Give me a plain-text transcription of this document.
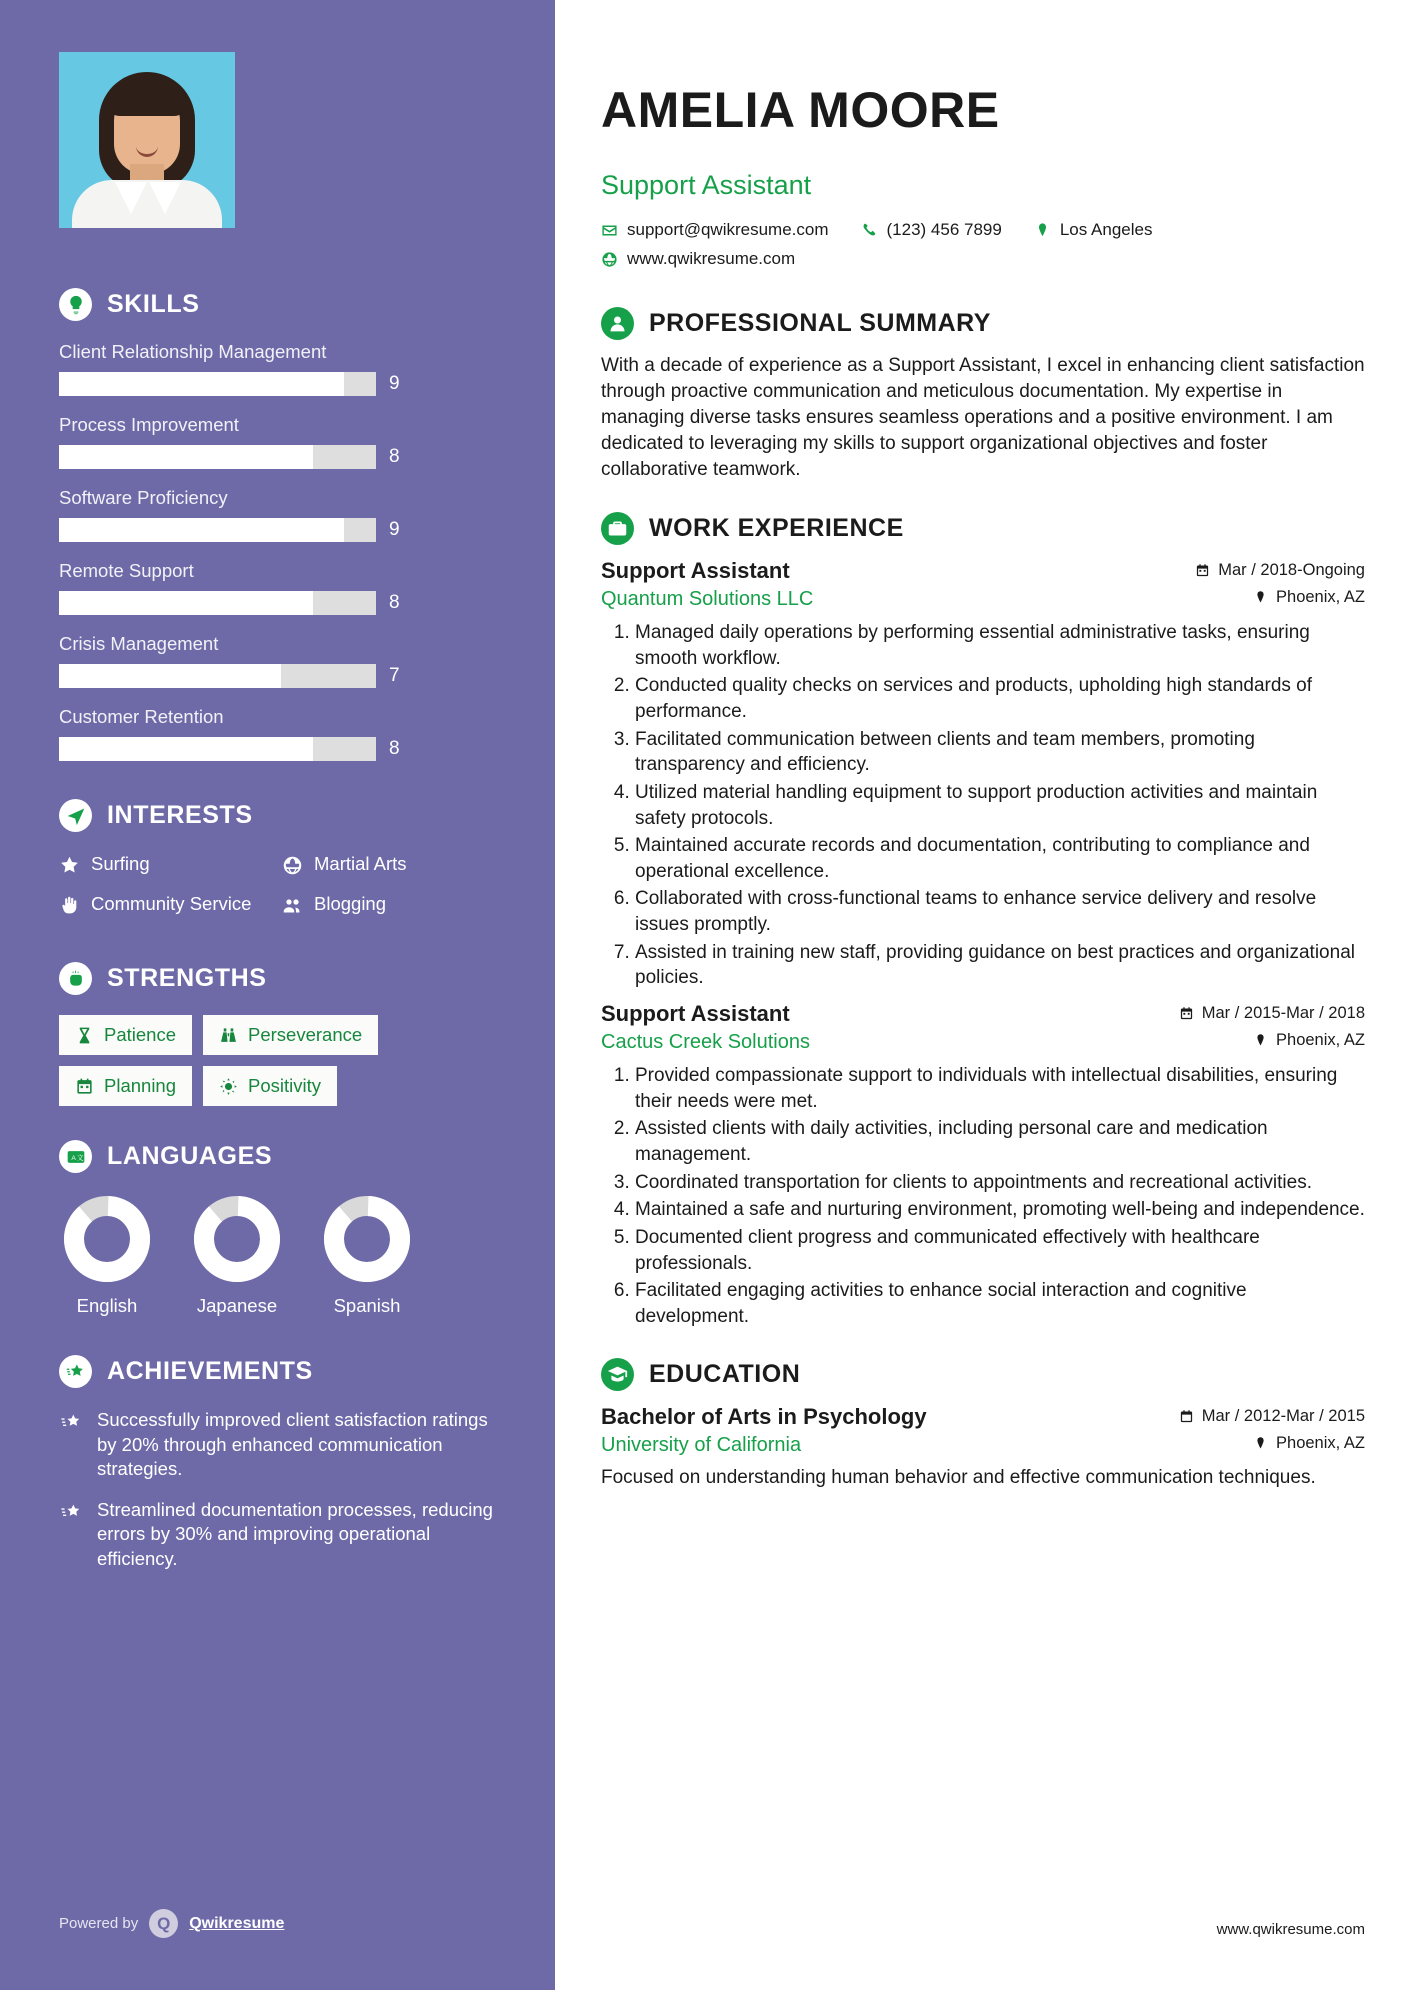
SKILLS
Client Relationship Management
9
Process Improvement
8
Software Proficiency
9
Remote Support
8
Crisis Management
7
Customer Retention
8
INTERESTS
Surfing	Martial Arts
Community Service	Blogging
STRENGTHS
Patience	Perseverance
Planning	Positivity
A 文 LANGUAGES
English	Japanese	Spanish
ACHIEVEMENTS

Successfully improved client satisfaction ratings by 20% through enhanced communication strategies.

Streamlined documentation processes, reducing errors by 30% and improving operational efficiency.

Powered by	Q	Qwikresume
AMELIA MOORE
Support Assistant
support@qwikresume.com	(123) 456 7899	Los Angeles
www.qwikresume.com
PROFESSIONAL SUMMARY

With a decade of experience as a Support Assistant, I excel in enhancing client satisfaction through proactive communication and meticulous documentation. My expertise in managing diverse tasks ensures seamless operations and a positive environment. I am dedicated to leveraging my skills to support organizational objectives and foster collaborative teamwork.

WORK EXPERIENCE
Support Assistant	Mar / 2018-Ongoing
Quantum Solutions LLC	Phoenix, AZ
1. Managed daily operations by performing essential administrative tasks, ensuring smooth workflow.
2. Conducted quality checks on services and products, upholding high standards of performance.
3. Facilitated communication between clients and team members, promoting transparency and efficiency.
4. Utilized material handling equipment to support production activities and maintain safety protocols.
5. Maintained accurate records and documentation, contributing to compliance and operational excellence.
6. Collaborated with cross-functional teams to enhance service delivery and resolve issues promptly.
7. Assisted in training new staff, providing guidance on best practices and organizational policies.
Support Assistant	Mar / 2015-Mar / 2018
Cactus Creek Solutions	Phoenix, AZ
1. Provided compassionate support to individuals with intellectual disabilities, ensuring their needs were met.
2. Assisted clients with daily activities, including personal care and medication management.
3. Coordinated transportation for clients to appointments and recreational activities.
4. Maintained a safe and nurturing environment, promoting well-being and independence.
5. Documented client progress and communicated effectively with healthcare professionals.
6. Facilitated engaging activities to enhance social interaction and cognitive development.
EDUCATION
Bachelor of Arts in Psychology	Mar / 2012-Mar / 2015
University of California	Phoenix, AZ

Focused on understanding human behavior and effective communication techniques.

www.qwikresume.com
